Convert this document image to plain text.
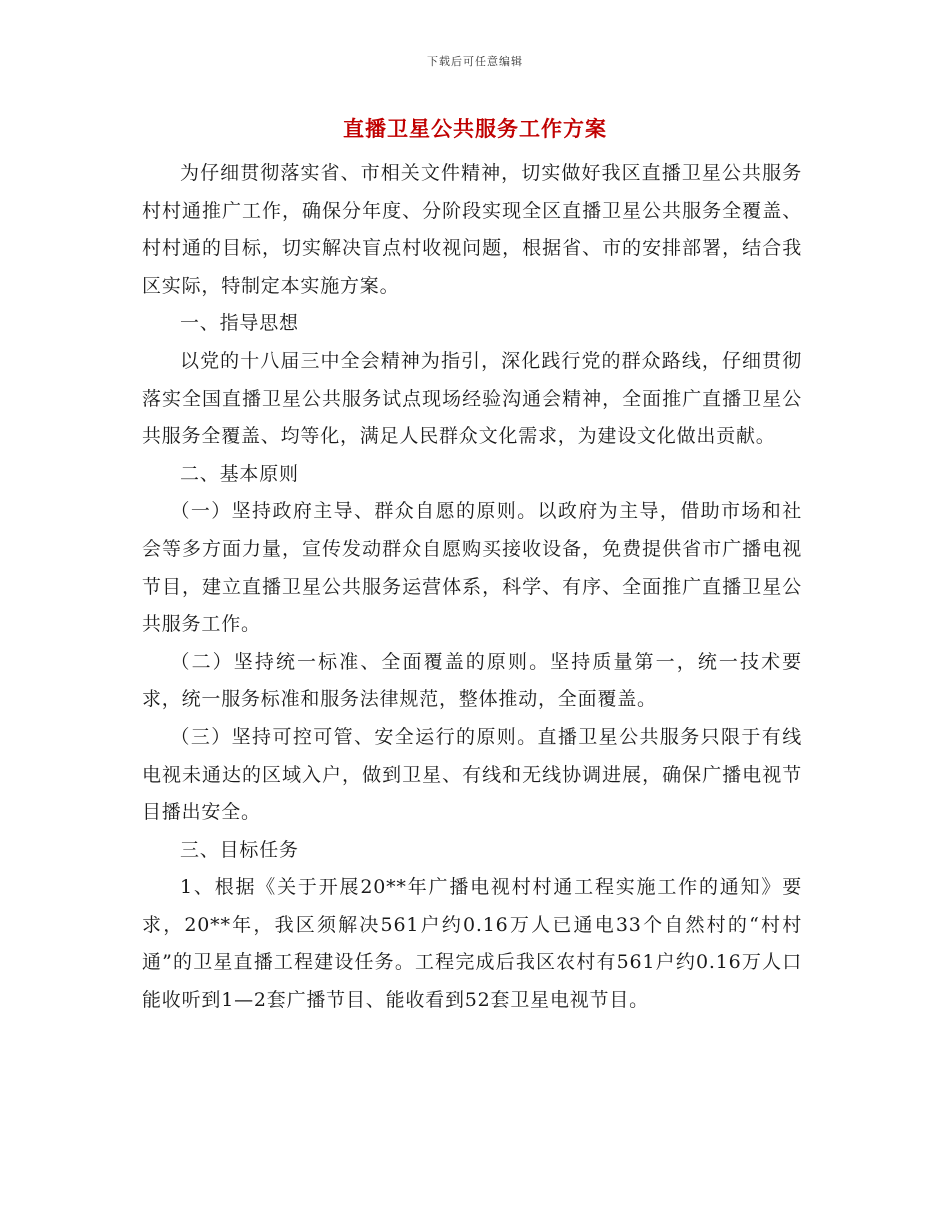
下载后可任意编辑
直播卫星公共服务工作方案

为仔细贯彻落实省、市相关文件精神，切实做好我区直播卫星公共服务村村通推广工作，确保分年度、分阶段实现全区直播卫星公共服务全覆盖、村村通的目标，切实解决盲点村收视问题，根据省、市的安排部署，结合我区实际，特制定本实施方案。

一、指导思想

以党的十八届三中全会精神为指引，深化践行党的群众路线，仔细贯彻落实全国直播卫星公共服务试点现场经验沟通会精神，全面推广直播卫星公共服务全覆盖、均等化，满足人民群众文化需求，为建设文化做出贡献。

二、基本原则

（一）坚持政府主导、群众自愿的原则。以政府为主导，借助市场和社会等多方面力量，宣传发动群众自愿购买接收设备，免费提供省市广播电视节目，建立直播卫星公共服务运营体系，科学、有序、全面推广直播卫星公共服务工作。

（二）坚持统一标准、全面覆盖的原则。坚持质量第一，统一技术要求，统一服务标准和服务法律规范，整体推动，全面覆盖。

（三）坚持可控可管、安全运行的原则。直播卫星公共服务只限于有线电视未通达的区域入户，做到卫星、有线和无线协调进展，确保广播电视节目播出安全。

三、目标任务

1、根据《关于开展20**年广播电视村村通工程实施工作的通知》要求，20**年，我区须解决561户约0.16万人已通电33个自然村的“村村通”的卫星直播工程建设任务。工程完成后我区农村有561户约0.16万人口能收听到1—2套广播节目、能收看到52套卫星电视节目。
